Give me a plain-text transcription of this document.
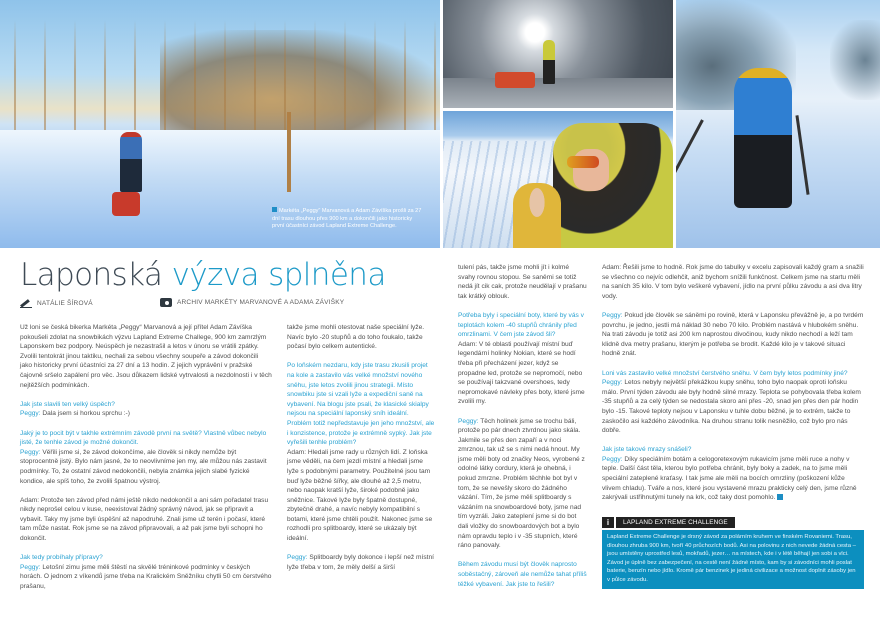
Markéta „Peggy“ Marvanová a Adam Závíška prošli za 27 dní trasu dlouhou přes 900 km a dokončili jako historicky první účastníci závod Lapland Extreme Challenge.
Laponská výzva splněna
NATÁLIE ŠÍROVÁ	ARCHIV MARKÉTY MARVANOVÉ A ADAMA ZÁVIŠKY

Už loni se česká bikerka Markéta „Peggy“ Marvanová a její přítel Adam Závíška pokoušeli zdolat na snowbikách výzvu Lapland Extreme Challege, 900 km zamrzlým Laponskem bez podpory. Neúspěch je nezastrašil a letos v únoru se vrátili zpátky. Zvolili tentokrát jinou taktiku, nechali za sebou všechny soupeře a závod dokončili jako historicky první účastníci za 27 dní a 13 hodin. Z jejich vyprávění v pražské čajovně sršelo zapálení pro věc. Jsou důkazem lidské vytrvalosti a nezdolnosti i v těch nejtěžších podmínkách.

Jak jste slavili ten velký úspěch?
Peggy: Dala jsem si horkou sprchu :-)

Jaký je to pocit být v takhle extrémním závodě první na světě? Vlastně vůbec nebylo jisté, že tenhle závod je možné dokončit.
Peggy: Věřili jsme si, že závod dokončíme, ale člověk si nikdy nemůže být stoprocentně jistý. Bylo nám jasné, že to neovlivníme jen my, ale můžou nás zastavit podmínky. To, že ostatní závod nedokončili, nebyla známka jejich slabé fyzické kondice, ale spíš toho, že zvolili špatnou výstroj.

Adam: Protože ten závod před námi ještě nikdo nedokončil a ani sám pořadatel trasu nikdy neprošel celou v kuse, neexistoval žádný správný návod, jak se připravit a vybavit. Taky my jsme byli úspěšní až napodruhé. Znali jsme už terén i počasí, které tam může nastat. Rok jsme se na závod připravovali, a až pak jsme byli schopni ho dokončit.

Jak tedy probíhaly přípravy?
Peggy: Letošní zimu jsme měli štěstí na skvělé tréninkové podmínky v českých horách. O jednom z víkendů jsme třeba na Kralickém Sněžníku chytli 50 cm čerstvého prašanu,

takže jsme mohli otestovat naše speciální lyže. Navíc bylo -20 stupňů a do toho foukalo, takže počasí bylo celkem autentické.

Po loňském nezdaru, kdy jste trasu zkusili projet na kole a zastavilo vás velké množství nového sněhu, jste letos zvolili jinou strategii. Místo snowbiku jste si vzali lyže a expediční saně na vybavení. Na blogu jste psali, že klasické skialpy nejsou na speciální laponský sníh ideální. Problém totiž nepředstavuje jen jeho množství, ale i konzistence, protože je extrémně sypký. Jak jste vyřešili tenhle problém?

Adam: Hledali jsme rady u různých lidí. Z loňska jsme věděli, na čem jezdí místní a hledali jsme lyže s podobnými parametry. Použitelné jsou tam buď lyže běžné šířky, ale dlouhé až 2,5 metru, nebo naopak kratší lyže, široké podobně jako sněžnice. Takové lyže byly špatně dostupné, zbytečně drahé, a navíc nebyly kompatibilní s botami, které jsme chtěli použít. Nakonec jsme se rozhodli pro splitboardy, které se ukázaly být ideální.

Peggy: Splitboardy byly dokonce i lepší než místní lyže třeba v tom, že měly delší a širší

tulení pás, takže jsme mohli jít i kolmé svahy rovnou stopou. Se saněmi se totiž nedá jít cik cak, protože neudělají v prašanu tak krátký oblouk.

Potřeba byly i speciální boty, které by vás v teplotách kolem -40 stupňů chránily před omrzlinami. V čem jste závod šli?

Adam: V té oblasti používají místní buď legendární holinky Nokian, které se hodí třeba při přecházení jezer, když se propadne led, protože se nepromočí, nebo se používají takzvané overshoes, tedy nepromokavé návleky přes boty, které jsme zvolili my.

Peggy: Těch holinek jsme se trochu báli, protože po pár dnech ztvrdnou jako skála. Jakmile se přes den zapaří a v noci zmrznou, tak už se s nimi nedá hnout. My jsme měli boty od značky Neos, vyrobené z odolné látky cordury, která je ohebná, i pokud zmrzne. Problém těchhle bot byl v tom, že se nevešly skoro do žádného vázání. Tím, že jsme měli splitboardy s vázáním na snowboardové boty, jsme nad tím vyzráli. Jako zateplení jsme si do bot dali vložky do snowboardových bot a bylo nám opravdu teplo i v -35 stupních, které ráno panovaly.

Během závodu musí být člověk naprosto soběstačný, zároveň ale nemůže tahat příliš těžké vybavení. Jak jste to řešili?

Adam: Řešili jsme to hodně. Rok jsme do tabulky v excelu zapisovali každý gram a snažili se všechno co nejvíc odlehčit, aniž bychom snížili funkčnost. Celkem jsme na startu měli na saních 35 kilo. V tom bylo veškeré vybavení, jídlo na první půlku závodu a asi dva litry vody.

Peggy: Pokud jde člověk se sáněmi po rovině, která v Laponsku převážně je, a po tvrdém povrchu, je jedno, jestli má náklad 30 nebo 70 kilo. Problém nastává v hlubokém sněhu. Na trati závodu je totiž asi 200 km naprostou divočinou, kudy nikdo nechodí a leží tam klidně dva metry prašanu, kterým je potřeba se brodit. Každé kilo je v takové situaci hodně znát.

Loni vás zastavilo velké množství čerstvého sněhu. V čem byly letos podmínky jiné?
Peggy: Letos nebyly největší překážkou kupy sněhu, toho bylo naopak oproti loňsku málo. První týden závodu ale byly hodně silné mrazy. Teplota se pohybovala třeba kolem -35 stupňů a za celý týden se nedostala skoro ani přes -20, snad jen přes den pár hodin bylo -15. Takové teploty nejsou v Laponsku v tuhle dobu běžné, je to extrém, takže to zaskočilo asi každého závodníka. Na druhou stranu tolik nesněžilo, což bylo pro nás dobře.

Jak jste takové mrazy snášeli?
Peggy: Díky speciálním botám a celogoretexovým rukavicím jsme měli ruce a nohy v teple. Další část těla, kterou bylo potřeba chránit, byly boky a zadek, na to jsme měli speciální zateplené kraťasy. I tak jsme ale měli na bocích omrzliny (poškození kůže vlivem chladu). Tváře a nos, které jsou vystavené mrazu prakticky celý den, jsme různě zakrývali ustřihnutými tunely na krk, což taky dost pomohlo.

i	LAPLAND EXTREME CHALLENGE
Lapland Extreme Challenge je drsný závod za polárním kruhem ve finském Rovaniemi. Trasu, dlouhou zhruba 900 km, tvoří 40 průchozích bodů. Asi na polovinu z nich nevede žádná cesta – jsou umístěny uprostřed lesů, mokřadů, jezer… na místech, kde i v létě běhají jen sobi a vlci. Závod je úplně bez zabezpečení, na cestě není žádné místo, kam by si závodníci mohli poslat baterie, benzín nebo jídlo. Kromě pár benzinek je jediná civilizace a možnost doplnit zásoby jen v půlce závodu.
